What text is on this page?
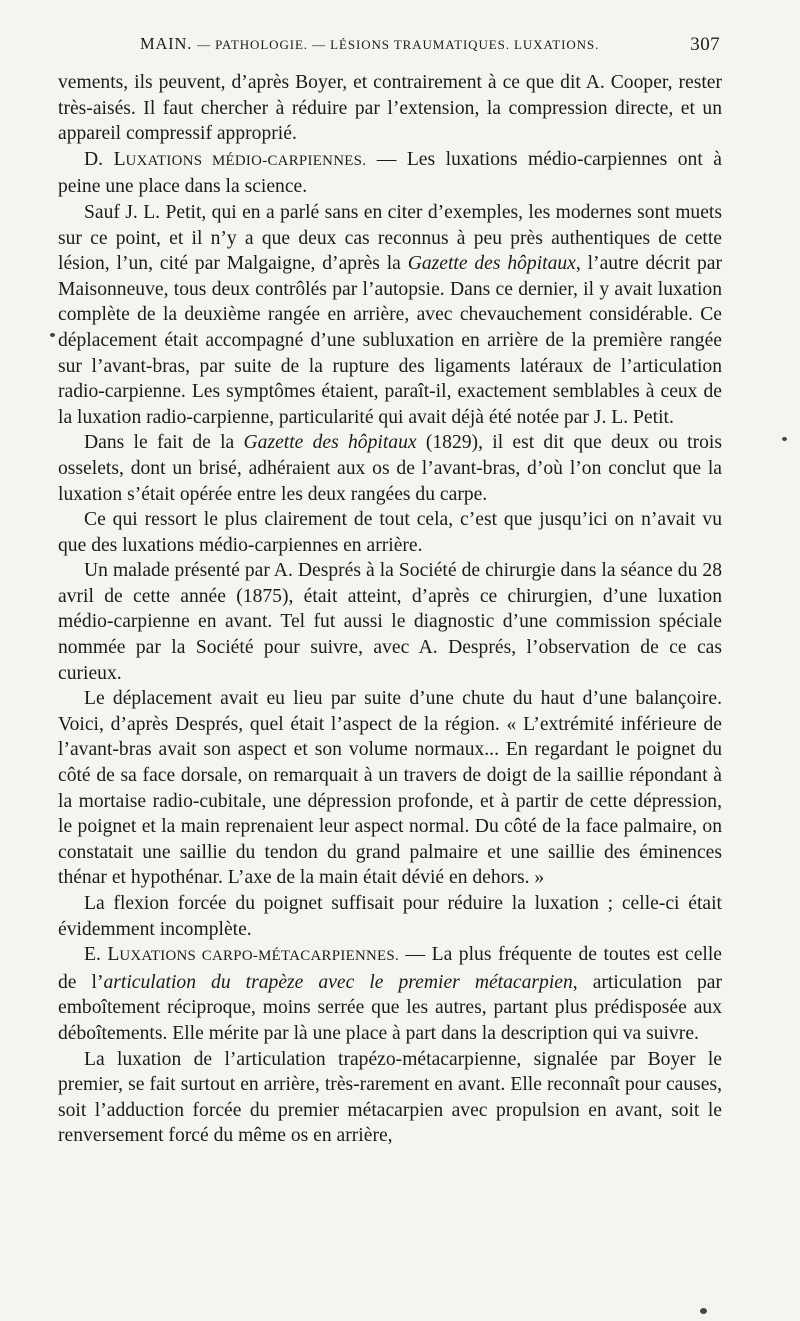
MAIN. — PATHOLOGIE. — LÉSIONS TRAUMATIQUES. LUXATIONS.	307

vements, ils peuvent, d’après Boyer, et contrairement à ce que dit A. Cooper, rester très-aisés. Il faut chercher à réduire par l’extension, la compression directe, et un appareil compressif approprié.

D. LUXATIONS MÉDIO-CARPIENNES. — Les luxations médio-carpiennes ont à peine une place dans la science.

Sauf J. L. Petit, qui en a parlé sans en citer d’exemples, les modernes sont muets sur ce point, et il n’y a que deux cas reconnus à peu près authentiques de cette lésion, l’un, cité par Malgaigne, d’après la Gazette des hôpitaux, l’autre décrit par Maisonneuve, tous deux contrôlés par l’autopsie. Dans ce dernier, il y avait luxation complète de la deuxième rangée en arrière, avec chevauchement considérable. Ce déplacement était accompagné d’une subluxation en arrière de la première rangée sur l’avant-bras, par suite de la rupture des ligaments latéraux de l’articulation radio-carpienne. Les symptômes étaient, paraît-il, exactement semblables à ceux de la luxation radio-carpienne, particularité qui avait déjà été notée par J. L. Petit.

Dans le fait de la Gazette des hôpitaux (1829), il est dit que deux ou trois osselets, dont un brisé, adhéraient aux os de l’avant-bras, d’où l’on conclut que la luxation s’était opérée entre les deux rangées du carpe.

Ce qui ressort le plus clairement de tout cela, c’est que jusqu’ici on n’avait vu que des luxations médio-carpiennes en arrière.

Un malade présenté par A. Després à la Société de chirurgie dans la séance du 28 avril de cette année (1875), était atteint, d’après ce chirurgien, d’une luxation médio-carpienne en avant. Tel fut aussi le diagnostic d’une commission spéciale nommée par la Société pour suivre, avec A. Després, l’observation de ce cas curieux.

Le déplacement avait eu lieu par suite d’une chute du haut d’une balançoire. Voici, d’après Després, quel était l’aspect de la région. « L’extrémité inférieure de l’avant-bras avait son aspect et son volume normaux... En regardant le poignet du côté de sa face dorsale, on remarquait à un travers de doigt de la saillie répondant à la mortaise radio-cubitale, une dépression profonde, et à partir de cette dépression, le poignet et la main reprenaient leur aspect normal. Du côté de la face palmaire, on constatait une saillie du tendon du grand palmaire et une saillie des éminences thénar et hypothénar. L’axe de la main était dévié en dehors. »

La flexion forcée du poignet suffisait pour réduire la luxation ; celle-ci était évidemment incomplète.

E. LUXATIONS CARPO-MÉTACARPIENNES. — La plus fréquente de toutes est celle de l’articulation du trapèze avec le premier métacarpien, articulation par emboîtement réciproque, moins serrée que les autres, partant plus prédisposée aux déboîtements. Elle mérite par là une place à part dans la description qui va suivre.

La luxation de l’articulation trapézo-métacarpienne, signalée par Boyer le premier, se fait surtout en arrière, très-rarement en avant. Elle reconnaît pour causes, soit l’adduction forcée du premier métacarpien avec propulsion en avant, soit le renversement forcé du même os en arrière,
